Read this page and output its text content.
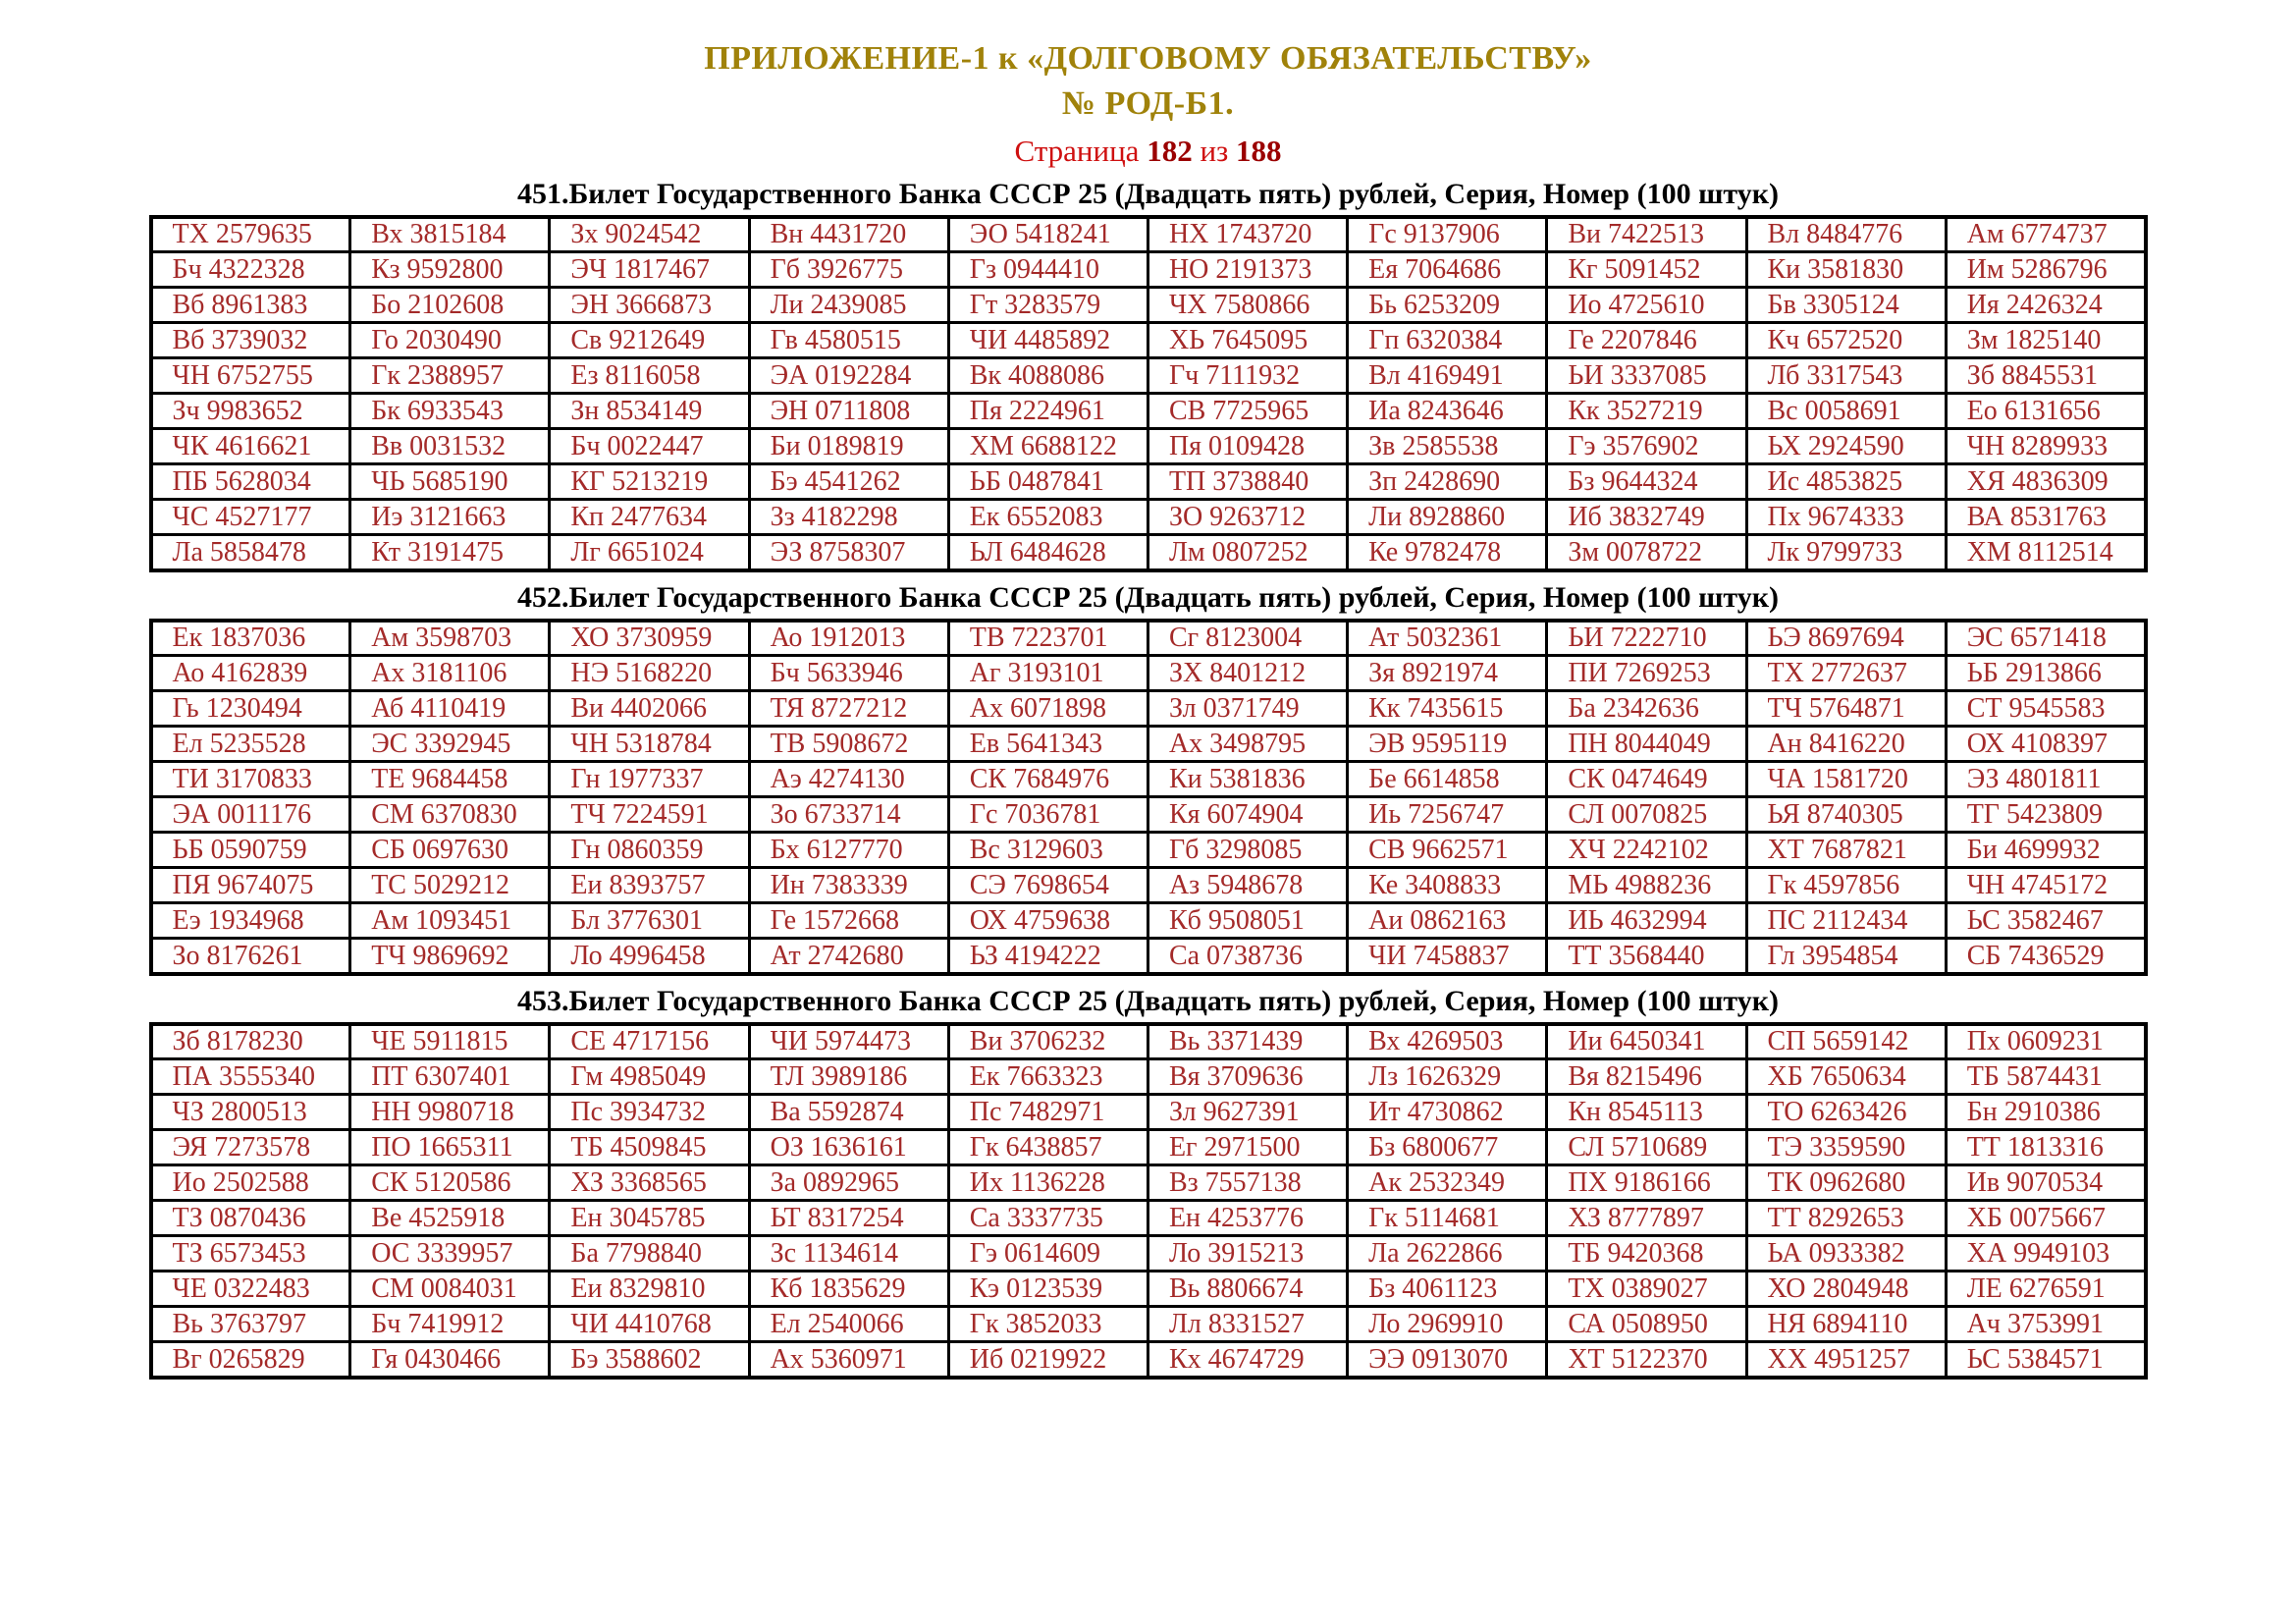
ПРИЛОЖЕНИЕ-1 к «ДОЛГОВОМУ ОБЯЗАТЕЛЬСТВУ»
№ РОД-Б1.
Страница 182 из 188
451.Билет Государственного Банка СССР 25 (Двадцать пять) рублей, Серия, Номер (100 штук)
ТХ 2579635	Вх 3815184	Зх 9024542	Вн 4431720	ЭО 5418241	НХ 1743720	Гс 9137906	Ви 7422513	Вл 8484776	Ам 6774737
Бч 4322328	Кз 9592800	ЭЧ 1817467	Гб 3926775	Гз 0944410	НО 2191373	Ея 7064686	Кг 5091452	Ки 3581830	Им 5286796
Вб 8961383	Бо 2102608	ЭН 3666873	Ли 2439085	Гт 3283579	ЧХ 7580866	Бь 6253209	Ио 4725610	Бв 3305124	Ия 2426324
Вб 3739032	Го 2030490	Св 9212649	Гв 4580515	ЧИ 4485892	ХЬ 7645095	Гп 6320384	Ге 2207846	Кч 6572520	Зм 1825140
ЧН 6752755	Гк 2388957	Ез 8116058	ЭА 0192284	Вк 4088086	Гч 7111932	Вл 4169491	ЬИ 3337085	Лб 3317543	Зб 8845531
Зч 9983652	Бк 6933543	Зн 8534149	ЭН 0711808	Пя 2224961	СВ 7725965	Иа 8243646	Кк 3527219	Вс 0058691	Ео 6131656
ЧК 4616621	Вв 0031532	Бч 0022447	Би 0189819	ХМ 6688122	Пя 0109428	Зв 2585538	Гэ 3576902	ЬХ 2924590	ЧН 8289933
ПБ 5628034	ЧЬ 5685190	КГ 5213219	Бэ 4541262	ЬБ 0487841	ТП 3738840	Зп 2428690	Бз 9644324	Ис 4853825	ХЯ 4836309
ЧС 4527177	Иэ 3121663	Кп 2477634	Зз 4182298	Ек 6552083	ЗО 9263712	Ли 8928860	Иб 3832749	Пх 9674333	ВА 8531763
Ла 5858478	Кт 3191475	Лг 6651024	ЭЗ 8758307	ЬЛ 6484628	Лм 0807252	Ке 9782478	Зм 0078722	Лк 9799733	ХМ 8112514
452.Билет Государственного Банка СССР 25 (Двадцать пять) рублей, Серия, Номер (100 штук)
Ек 1837036	Ам 3598703	ХО 3730959	Ао 1912013	ТВ 7223701	Сг 8123004	Ат 5032361	ЬИ 7222710	ЬЭ 8697694	ЭС 6571418
Ао 4162839	Ах 3181106	НЭ 5168220	Бч 5633946	Аг 3193101	ЗХ 8401212	Зя 8921974	ПИ 7269253	ТХ 2772637	ЬБ 2913866
Гь 1230494	Аб 4110419	Ви 4402066	ТЯ 8727212	Ах 6071898	Зл 0371749	Кк 7435615	Ба 2342636	ТЧ 5764871	СТ 9545583
Ел 5235528	ЭС 3392945	ЧН 5318784	ТВ 5908672	Ев 5641343	Ах 3498795	ЭВ 9595119	ПН 8044049	Ан 8416220	ОХ 4108397
ТИ 3170833	ТЕ 9684458	Гн 1977337	Аэ 4274130	СК 7684976	Ки 5381836	Бе 6614858	СК 0474649	ЧА 1581720	ЭЗ 4801811
ЭА 0011176	СМ 6370830	ТЧ 7224591	Зо 6733714	Гс 7036781	Кя 6074904	Иь 7256747	СЛ 0070825	ЬЯ 8740305	ТГ 5423809
ЬБ 0590759	СБ 0697630	Гн 0860359	Бх 6127770	Вс 3129603	Гб 3298085	СВ 9662571	ХЧ 2242102	ХТ 7687821	Би 4699932
ПЯ 9674075	ТС 5029212	Еи 8393757	Ин 7383339	СЭ 7698654	Аз 5948678	Ке 3408833	МЬ 4988236	Гк 4597856	ЧН 4745172
Еэ 1934968	Ам 1093451	Бл 3776301	Ге 1572668	ОХ 4759638	Кб 9508051	Аи 0862163	ИЬ 4632994	ПС 2112434	ЬС 3582467
Зо 8176261	ТЧ 9869692	Ло 4996458	Ат 2742680	ЬЗ 4194222	Са 0738736	ЧИ 7458837	ТТ 3568440	Гл 3954854	СБ 7436529
453.Билет Государственного Банка СССР 25 (Двадцать пять) рублей, Серия, Номер (100 штук)
Зб 8178230	ЧЕ 5911815	СЕ 4717156	ЧИ 5974473	Ви 3706232	Вь 3371439	Вх 4269503	Ии 6450341	СП 5659142	Пх 0609231
ПА 3555340	ПТ 6307401	Гм 4985049	ТЛ 3989186	Ек 7663323	Вя 3709636	Лз 1626329	Вя 8215496	ХБ 7650634	ТБ 5874431
ЧЗ 2800513	НН 9980718	Пс 3934732	Ва 5592874	Пс 7482971	Зл 9627391	Ит 4730862	Кн 8545113	ТО 6263426	Бн 2910386
ЭЯ 7273578	ПО 1665311	ТБ 4509845	ОЗ 1636161	Гк 6438857	Ег 2971500	Бз 6800677	СЛ 5710689	ТЭ 3359590	ТТ 1813316
Ио 2502588	СК 5120586	ХЗ 3368565	За 0892965	Их 1136228	Вз 7557138	Ак 2532349	ПХ 9186166	ТК 0962680	Ив 9070534
ТЗ 0870436	Ве 4525918	Ен 3045785	ЬТ 8317254	Са 3337735	Ен 4253776	Гк 5114681	ХЗ 8777897	ТТ 8292653	ХБ 0075667
ТЗ 6573453	ОС 3339957	Ба 7798840	Зс 1134614	Гэ 0614609	Ло 3915213	Ла 2622866	ТБ 9420368	ЬА 0933382	ХА 9949103
ЧЕ 0322483	СМ 0084031	Еи 8329810	Кб 1835629	Кэ 0123539	Вь 8806674	Бз 4061123	ТХ 0389027	ХО 2804948	ЛЕ 6276591
Вь 3763797	Бч 7419912	ЧИ 4410768	Ел 2540066	Гк 3852033	Лл 8331527	Ло 2969910	СА 0508950	НЯ 6894110	Ач 3753991
Вг 0265829	Гя 0430466	Бэ 3588602	Ах 5360971	Иб 0219922	Кх 4674729	ЭЭ 0913070	ХТ 5122370	ХХ 4951257	ЬС 5384571
